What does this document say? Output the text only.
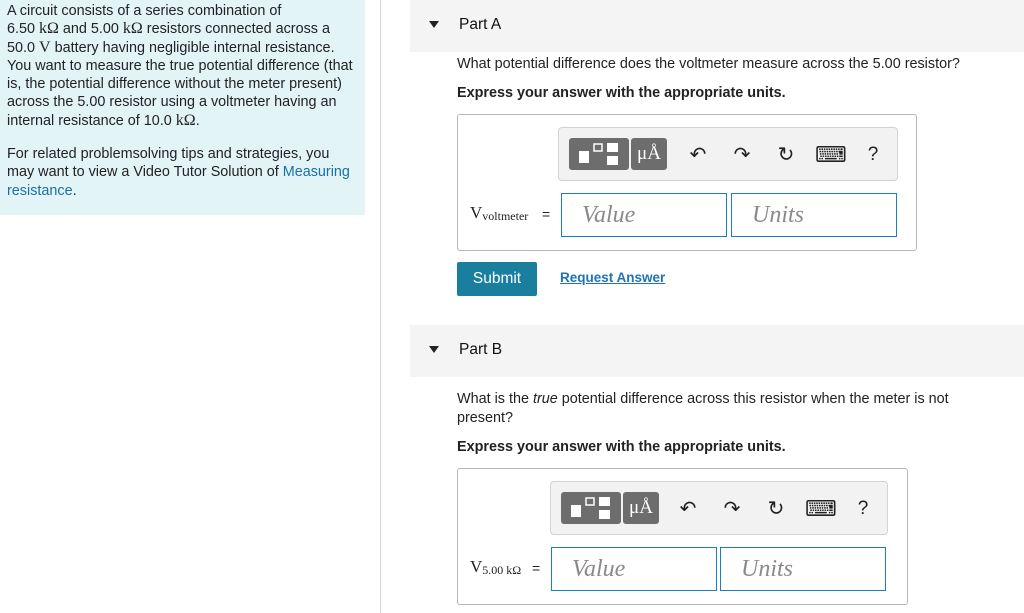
A circuit consists of a series combination of
6.50 kΩ and 5.00 kΩ resistors connected across a 50.0 V battery having negligible internal resistance. You want to measure the true potential difference (that is, the potential difference without the meter present) across the 5.00 resistor using a voltmeter having an internal resistance of 10.0 kΩ.

For related problemsolving tips and strategies, you may want to view a Video Tutor Solution of Measuring resistance.

Part A
What potential difference does the voltmeter measure across the 5.00 resistor?
Express your answer with the appropriate units.
μÅ	↶ ↷ ↻ ⌨ ?
$V_{voltmeter}$ =
Value
Units
Submit	Request Answer
Part B
What is the true potential difference across this resistor when the meter is not present?
Express your answer with the appropriate units.
μÅ	↶ ↷ ↻ ⌨ ?
$V_{5.00 k\Omega}$ =
Value
Units
